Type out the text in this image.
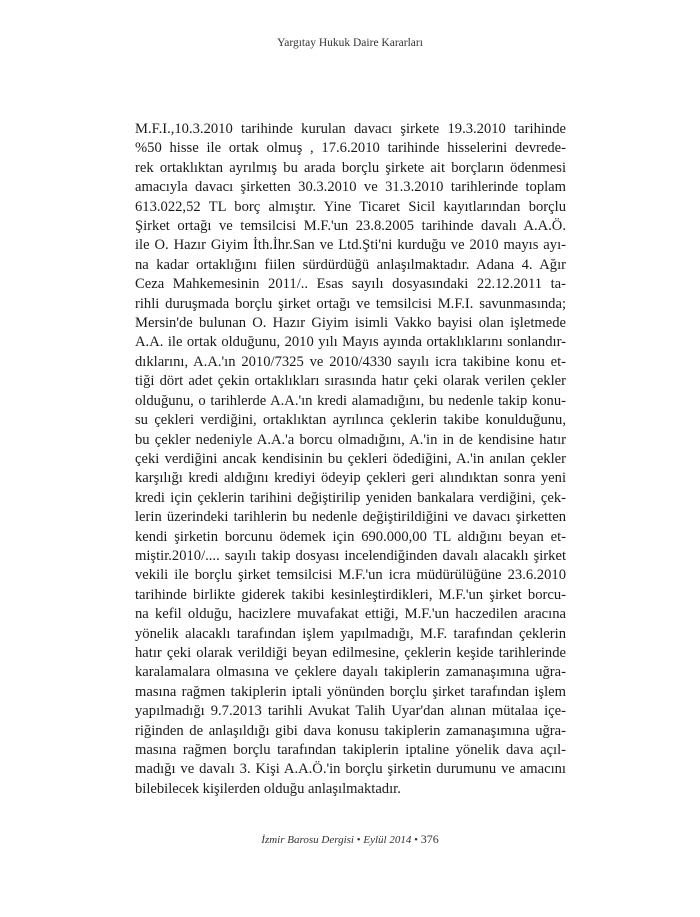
Yargıtay Hukuk Daire Kararları
M.F.I.,10.3.2010 tarihinde kurulan davacı şirkete 19.3.2010 tarihinde
%50 hisse ile ortak olmuş , 17.6.2010 tarihinde hisselerini devrede-
rek ortaklıktan ayrılmış bu arada borçlu şirkete ait borçların ödenmesi
amacıyla davacı şirketten 30.3.2010 ve 31.3.2010 tarihlerinde toplam
613.022,52 TL borç almıştır. Yine Ticaret Sicil kayıtlarından borçlu
Şirket ortağı ve temsilcisi M.F.'un 23.8.2005 tarihinde davalı A.A.Ö.
ile O. Hazır Giyim İth.İhr.San ve Ltd.Şti'ni kurduğu ve 2010 mayıs ayı-
na kadar ortaklığını fiilen sürdürdüğü anlaşılmaktadır. Adana 4. Ağır
Ceza Mahkemesinin 2011/.. Esas sayılı dosyasındaki 22.12.2011 ta-
rihli duruşmada borçlu şirket ortağı ve temsilcisi M.F.I. savunmasında;
Mersin'de bulunan O. Hazır Giyim isimli Vakko bayisi olan işletmede
A.A. ile ortak olduğunu, 2010 yılı Mayıs ayında ortaklıklarını sonlandır-
dıklarını, A.A.'ın 2010/7325 ve 2010/4330 sayılı icra takibine konu et-
tiği dört adet çekin ortaklıkları sırasında hatır çeki olarak verilen çekler
olduğunu, o tarihlerde A.A.'ın kredi alamadığını, bu nedenle takip konu-
su çekleri verdiğini, ortaklıktan ayrılınca çeklerin takibe konulduğunu,
bu çekler nedeniyle A.A.'a borcu olmadığını, A.'in in de kendisine hatır
çeki verdiğini ancak kendisinin bu çekleri ödediğini, A.'in anılan çekler
karşılığı kredi aldığını krediyi ödeyip çekleri geri alındıktan sonra yeni
kredi için çeklerin tarihini değiştirilip yeniden bankalara verdiğini, çek-
lerin üzerindeki tarihlerin bu nedenle değiştirildiğini ve davacı şirketten
kendi şirketin borcunu ödemek için 690.000,00 TL aldığını beyan et-
miştir.2010/.... sayılı takip dosyası incelendiğinden davalı alacaklı şirket
vekili ile borçlu şirket temsilcisi M.F.'un icra müdürülüğüne 23.6.2010
tarihinde birlikte giderek takibi kesinleştirdikleri, M.F.'un şirket borcu-
na kefil olduğu, hacizlere muvafakat ettiği, M.F.'un haczedilen aracına
yönelik alacaklı tarafından işlem yapılmadığı, M.F. tarafından çeklerin
hatır çeki olarak verildiği beyan edilmesine, çeklerin keşide tarihlerinde
karalamalara olmasına ve çeklere dayalı takiplerin zamanaşımına uğra-
masına rağmen takiplerin iptali yönünden borçlu şirket tarafından işlem
yapılmadığı 9.7.2013 tarihli Avukat Talih Uyar'dan alınan mütalaa içe-
riğinden de anlaşıldığı gibi dava konusu takiplerin zamanaşımına uğra-
masına rağmen borçlu tarafından takiplerin iptaline yönelik dava açıl-
madığı ve davalı 3. Kişi A.A.Ö.'in borçlu şirketin durumunu ve amacını
bilebilecek kişilerden olduğu anlaşılmaktadır.
İzmir Barosu Dergisi • Eylül 2014 • 376
